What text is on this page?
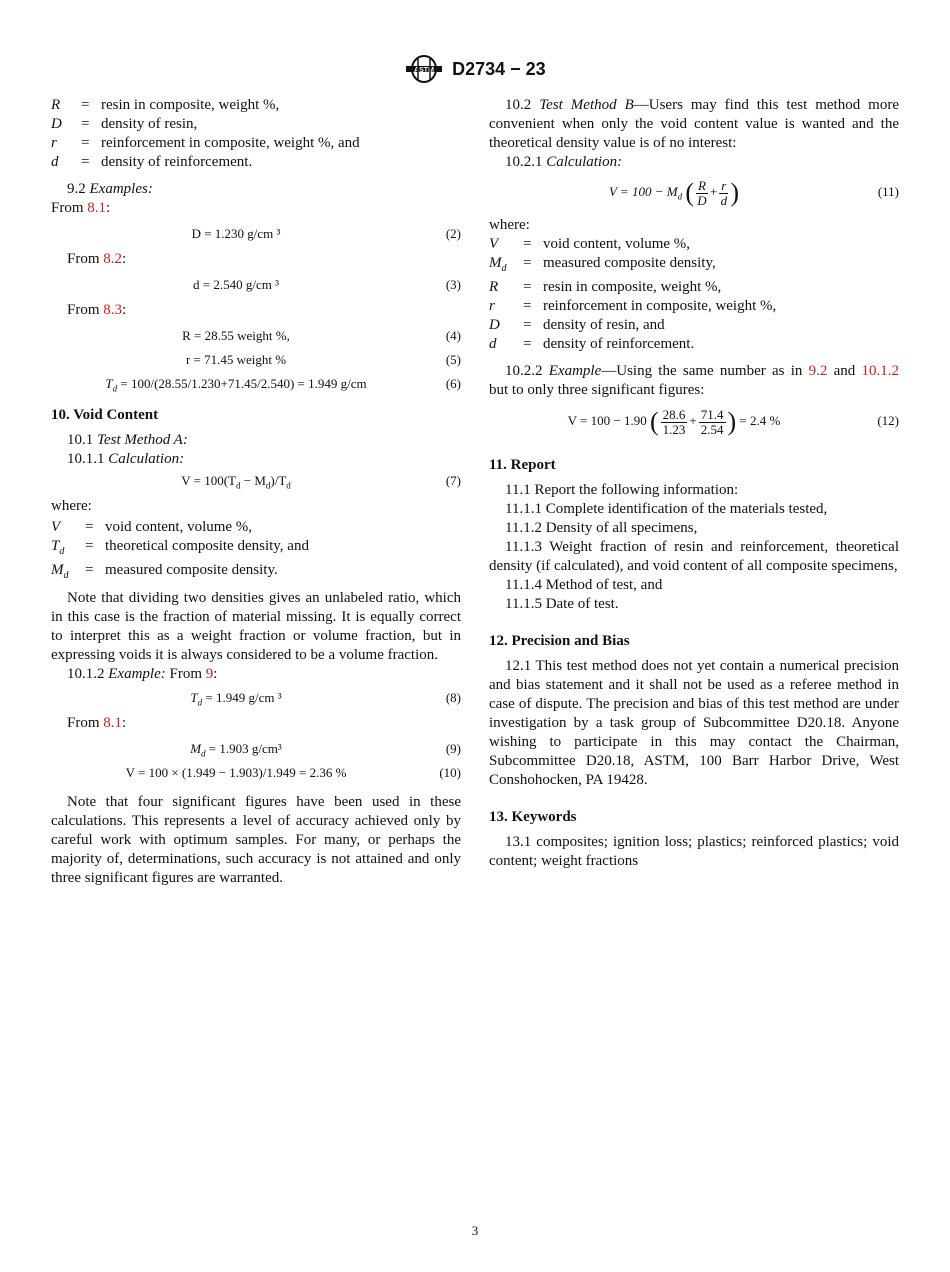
ASTM D2734 − 23
R	= resin in composite, weight %,
D	= density of resin,
r	= reinforcement in composite, weight %, and
d	= density of reinforcement.

9.2 Examples:

From 8.1:

D = 1.230 g/cm ³	(2)

From 8.2:

d = 2.540 g/cm ³	(3)

From 8.3:

R = 28.55 weight %,	(4)
r = 71.45 weight %	(5)
$T_d = 100/(28.55/1.230+71.45/2.540) = 1.949$ g/cm	(6)

10. Void Content

10.1 Test Method A:

10.1.1 Calculation:

$V = 100(T_d - M_d)/T_d$	(7)

where:

V	= void content, volume %,
$T_d$	= theoretical composite density, and
$M_d$	= measured composite density.

Note that dividing two densities gives an unlabeled ratio, which in this case is the fraction of material missing. It is equally correct to interpret this as a weight fraction or volume fraction, but in expressing voids it is always considered to be a volume fraction.

10.1.2 Example: From 9:

$T_d = 1.949$ g/cm ³	(8)

From 8.1:

$M_d = 1.903$ g/cm³	(9)
V = 100 × (1.949 − 1.903)/1.949 = 2.36 %	(10)

Note that four significant figures have been used in these calculations. This represents a level of accuracy achieved only by careful work with optimum samples. For many, or perhaps the majority of, determinations, such accuracy is not attained and only three significant figures are warranted.

10.2 Test Method B—Users may find this test method more convenient when only the void content value is wanted and the theoretical density value is of no interest:

10.2.1 Calculation:

$V = 100 - M_d$ ( $\frac{R}{D} + \frac{r}{d}$ )	(11)

where:

V	= void content, volume %,
$M_d$	= measured composite density,
R	= resin in composite, weight %,
r	= reinforcement in composite, weight %,
D	= density of resin, and
d	= density of reinforcement.

10.2.2 Example—Using the same number as in 9.2 and 10.1.2 but to only three significant figures:

V = 100 − 1.90 ( $\frac{28.6}{1.23} + \frac{71.4}{2.54}$ ) = 2.4 %	(12)

11. Report

11.1 Report the following information:

11.1.1 Complete identification of the materials tested,

11.1.2 Density of all specimens,

11.1.3 Weight fraction of resin and reinforcement, theoretical density (if calculated), and void content of all composite specimens,

11.1.4 Method of test, and

11.1.5 Date of test.

12. Precision and Bias

12.1 This test method does not yet contain a numerical precision and bias statement and it shall not be used as a referee method in case of dispute. The precision and bias of this test method are under investigation by a task group of Subcommittee D20.18. Anyone wishing to participate in this may contact the Chairman, Subcommittee D20.18, ASTM, 100 Barr Harbor Drive, West Conshohocken, PA 19428.

13. Keywords

13.1 composites; ignition loss; plastics; reinforced plastics; void content; weight fractions

3
